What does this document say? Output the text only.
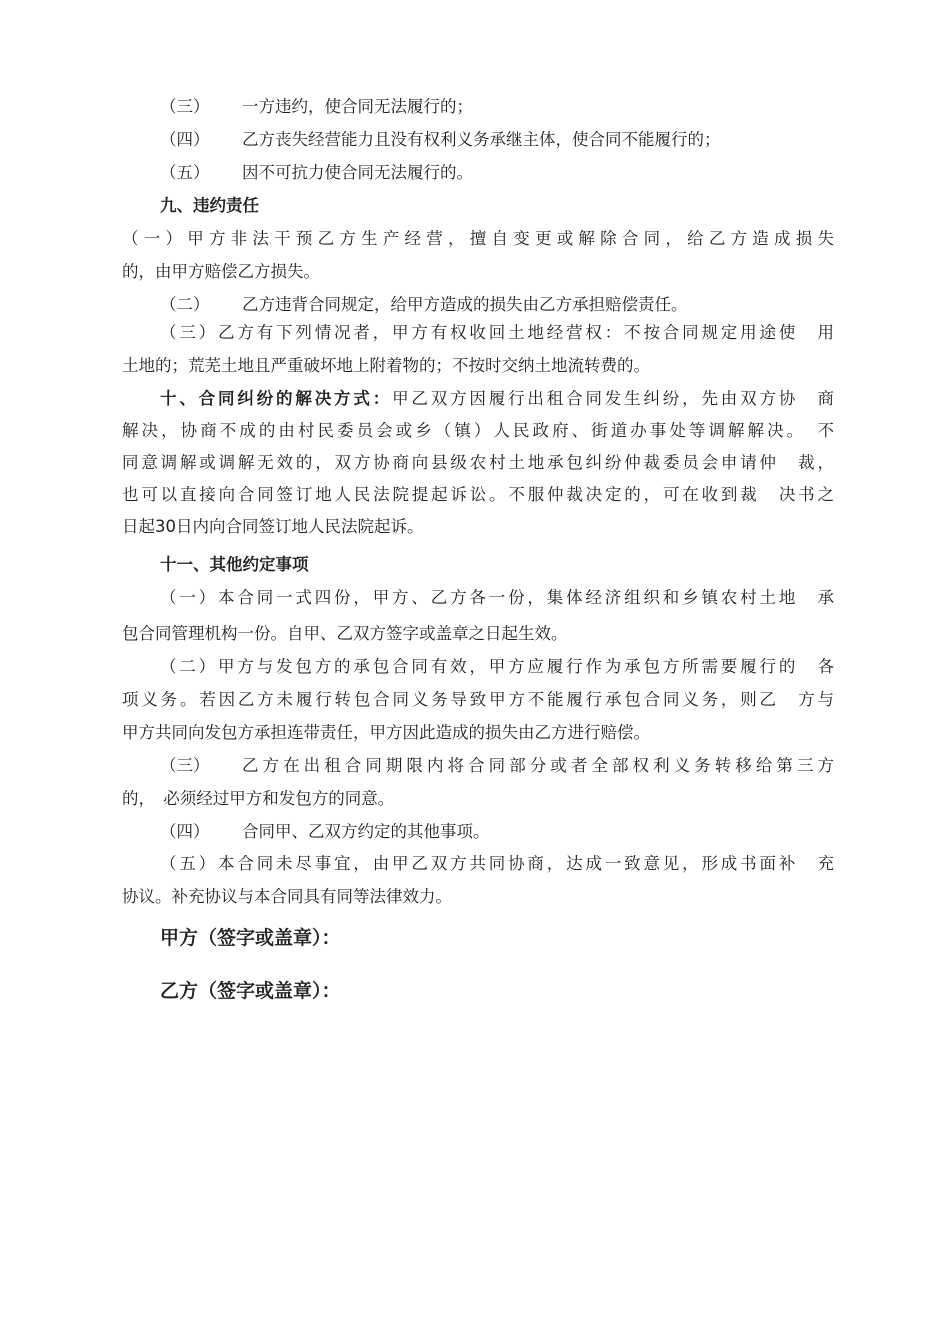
（三） 一方违约，使合同无法履行的；
（四） 乙方丧失经营能力且没有权利义务承继主体，使合同不能履行的；
（五） 因不可抗力使合同无法履行的。
九、违约责任
（一）甲方非法干预乙方生产经营，擅自变更或解除合同，给乙方造成损失
的，由甲方赔偿乙方损失。
（二） 乙方违背合同规定，给甲方造成的损失由乙方承担赔偿责任。
（三）乙方有下列情况者，甲方有权收回土地经营权：不按合同规定用途使　用
土地的；荒芜土地且严重破坏地上附着物的；不按时交纳土地流转费的。
十、合同纠纷的解决方式：甲乙双方因履行出租合同发生纠纷，先由双方协　商
解决，协商不成的由村民委员会或乡（镇）人民政府、街道办事处等调解解决。　不
同意调解或调解无效的，双方协商向县级农村土地承包纠纷仲裁委员会申请仲　裁，
也可以直接向合同签订地人民法院提起诉讼。不服仲裁决定的，可在收到裁　决书之
日起30日内向合同签订地人民法院起诉。
十一、其他约定事项
（一）本合同一式四份，甲方、乙方各一份，集体经济组织和乡镇农村土地　承
包合同管理机构一份。自甲、乙双方签字或盖章之日起生效。
（二）甲方与发包方的承包合同有效，甲方应履行作为承包方所需要履行的　各
项义务。若因乙方未履行转包合同义务导致甲方不能履行承包合同义务，则乙　方与
甲方共同向发包方承担连带责任，甲方因此造成的损失由乙方进行赔偿。
（三） 乙方在出租合同期限内将合同部分或者全部权利义务转移给第三方
的，　必须经过甲方和发包方的同意。
（四） 合同甲、乙双方约定的其他事项。
（五）本合同未尽事宜，由甲乙双方共同协商，达成一致意见，形成书面补　充
协议。补充协议与本合同具有同等法律效力。
甲方（签字或盖章）：
乙方（签字或盖章）：
